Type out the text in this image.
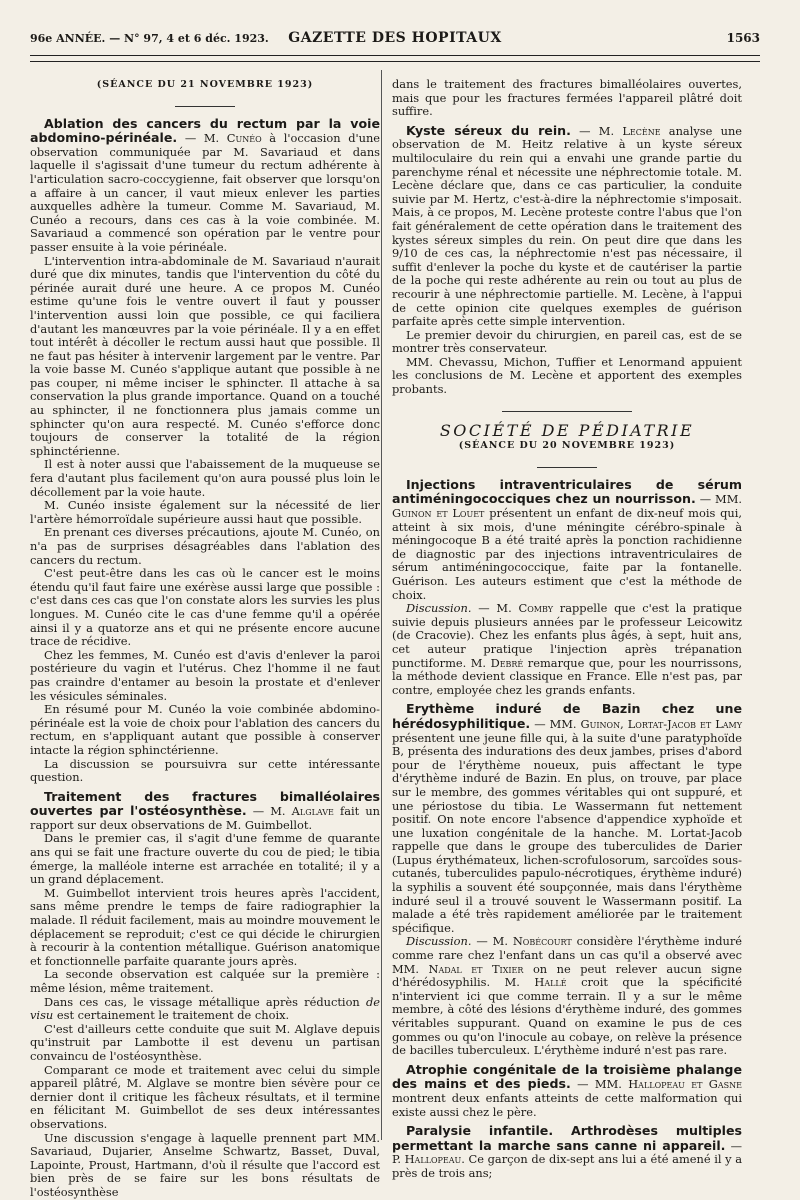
96e ANNÉE. — N° 97, 4 et 6 déc. 1923.	GAZETTE DES HOPITAUX	1563

(SÉANCE DU 21 NOVEMBRE 1923)

Ablation des cancers du rectum par la voie abdomino-périnéale. — M. Cunéo à l'occasion d'une observation communiquée par M. Savariaud et dans laquelle il s'agissait d'une tumeur du rectum adhérente à l'articulation sacro-coccygienne, fait observer que lorsqu'on a affaire à un cancer, il vaut mieux enlever les parties auxquelles adhère la tumeur. Comme M. Savariaud, M. Cunéo a recours, dans ces cas à la voie combinée. M. Savariaud a commencé son opération par le ventre pour passer ensuite à la voie périnéale.

L'intervention intra-abdominale de M. Savariaud n'aurait duré que dix minutes, tandis que l'intervention du côté du périnée aurait duré une heure. A ce propos M. Cunéo estime qu'une fois le ventre ouvert il faut y pousser l'intervention aussi loin que possible, ce qui faciliera d'autant les manœuvres par la voie périnéale. Il y a en effet tout intérêt à décoller le rectum aussi haut que possible. Il ne faut pas hésiter à intervenir largement par le ventre. Par la voie basse M. Cunéo s'applique autant que possible à ne pas couper, ni même inciser le sphincter. Il attache à sa conservation la plus grande importance. Quand on a touché au sphincter, il ne fonctionnera plus jamais comme un sphincter qu'on aura respecté. M. Cunéo s'efforce donc toujours de conserver la totalité de la région sphinctérienne.

Il est à noter aussi que l'abaissement de la muqueuse se fera d'autant plus facilement qu'on aura poussé plus loin le décollement par la voie haute.

M. Cunéo insiste également sur la nécessité de lier l'artère hémorroïdale supérieure aussi haut que possible.

En prenant ces diverses précautions, ajoute M. Cunéo, on n'a pas de surprises désagréables dans l'ablation des cancers du rectum.

C'est peut-être dans les cas où le cancer est le moins étendu qu'il faut faire une exérèse aussi large que possible : c'est dans ces cas que l'on constate alors les survies les plus longues. M. Cunéo cite le cas d'une femme qu'il a opérée ainsi il y a quatorze ans et qui ne présente encore aucune trace de récidive.

Chez les femmes, M. Cunéo est d'avis d'enlever la paroi postérieure du vagin et l'utérus. Chez l'homme il ne faut pas craindre d'entamer au besoin la prostate et d'enlever les vésicules séminales.

En résumé pour M. Cunéo la voie combinée abdomino-périnéale est la voie de choix pour l'ablation des cancers du rectum, en s'appliquant autant que possible à conserver intacte la région sphinctérienne.

La discussion se poursuivra sur cette intéressante question.

Traitement des fractures bimalléolaires ouvertes par l'ostéosynthèse. — M. Alglave fait un rapport sur deux observations de M. Guimbellot.

Dans le premier cas, il s'agit d'une femme de quarante ans qui se fait une fracture ouverte du cou de pied; le tibia émerge, la malléole interne est arrachée en totalité; il y a un grand déplacement.

M. Guimbellot intervient trois heures après l'accident, sans même prendre le temps de faire radiographier la malade. Il réduit facilement, mais au moindre mouvement le déplacement se reproduit; c'est ce qui décide le chirurgien à recourir à la contention métallique. Guérison anatomique et fonctionnelle parfaite quarante jours après.

La seconde observation est calquée sur la première : même lésion, même traitement.

Dans ces cas, le vissage métallique après réduction de visu est certainement le traitement de choix.

C'est d'ailleurs cette conduite que suit M. Alglave depuis qu'instruit par Lambotte il est devenu un partisan convaincu de l'ostéosynthèse.

Comparant ce mode et traitement avec celui du simple appareil plâtré, M. Alglave se montre bien sévère pour ce dernier dont il critique les fâcheux résultats, et il termine en félicitant M. Guimbellot de ses deux intéressantes observations.

Une discussion s'engage à laquelle prennent part MM. Savariaud, Dujarier, Anselme Schwartz, Basset, Duval, Lapointe, Proust, Hartmann, d'où il résulte que l'accord est bien près de se faire sur les bons résultats de l'ostéosynthèse

dans le traitement des fractures bimalléolaires ouvertes, mais que pour les fractures fermées l'appareil plâtré doit suffire.

Kyste séreux du rein. — M. Lecène analyse une observation de M. Heitz relative à un kyste séreux multiloculaire du rein qui a envahi une grande partie du parenchyme rénal et nécessite une néphrectomie totale. M. Lecène déclare que, dans ce cas particulier, la conduite suivie par M. Hertz, c'est-à-dire la néphrectomie s'imposait. Mais, à ce propos, M. Lecène proteste contre l'abus que l'on fait généralement de cette opération dans le traitement des kystes séreux simples du rein. On peut dire que dans les 9/10 de ces cas, la néphrectomie n'est pas nécessaire, il suffit d'enlever la poche du kyste et de cautériser la partie de la poche qui reste adhérente au rein ou tout au plus de recourir à une néphrectomie partielle. M. Lecène, à l'appui de cette opinion cite quelques exemples de guérison parfaite après cette simple intervention.

Le premier devoir du chirurgien, en pareil cas, est de se montrer très conservateur.

MM. Chevassu, Michon, Tuffier et Lenormand appuient les conclusions de M. Lecène et apportent des exemples probants.

SOCIÉTÉ DE PÉDIATRIE

(SÉANCE DU 20 NOVEMBRE 1923)

Injections intraventriculaires de sérum antiméningococciques chez un nourrisson. — MM. Guinon et Louet présentent un enfant de dix-neuf mois qui, atteint à six mois, d'une méningite cérébro-spinale à méningocoque B a été traité après la ponction rachidienne de diagnostic par des injections intraventriculaires de sérum antiméningococcique, faite par la fontanelle. Guérison. Les auteurs estiment que c'est la méthode de choix.

Discussion. — M. Comby rappelle que c'est la pratique suivie depuis plusieurs années par le professeur Leicowitz (de Cracovie). Chez les enfants plus âgés, à sept, huit ans, cet auteur pratique l'injection après trépanation punctiforme. M. Debré remarque que, pour les nourrissons, la méthode devient classique en France. Elle n'est pas, par contre, employée chez les grands enfants.

Erythème induré de Bazin chez une hérédosyphilitique. — MM. Guinon, Lortat-Jacob et Lamy présentent une jeune fille qui, à la suite d'une paratyphoïde B, présenta des indurations des deux jambes, prises d'abord pour de l'érythème noueux, puis affectant le type d'érythème induré de Bazin. En plus, on trouve, par place sur le membre, des gommes véritables qui ont suppuré, et une périostose du tibia. Le Wassermann fut nettement positif. On note encore l'absence d'appendice xyphoïde et une luxation congénitale de la hanche. M. Lortat-Jacob rappelle que dans le groupe des tuberculides de Darier (Lupus érythémateux, lichen-scrofulosorum, sarcoïdes sous-cutanés, tuberculides papulo-nécrotiques, érythème induré) la syphilis a souvent été soupçonnée, mais dans l'érythème induré seul il a trouvé souvent le Wassermann positif. La malade a été très rapidement améliorée par le traitement spécifique.

Discussion. — M. Nobécourt considère l'érythème induré comme rare chez l'enfant dans un cas qu'il a observé avec MM. Nadal et Tixier on ne peut relever aucun signe d'hérédosyphilis. M. Hallé croit que la spécificité n'intervient ici que comme terrain. Il y a sur le même membre, à côté des lésions d'érythème induré, des gommes véritables suppurant. Quand on examine le pus de ces gommes ou qu'on l'inocule au cobaye, on relève la présence de bacilles tuberculeux. L'érythème induré n'est pas rare.

Atrophie congénitale de la troisième phalange des mains et des pieds. — MM. Hallopeau et Gasne montrent deux enfants atteints de cette malformation qui existe aussi chez le père.

Paralysie infantile. Arthrodèses multiples permettant la marche sans canne ni appareil. — P. Hallopeau. Ce garçon de dix-sept ans lui a été amené il y a près de trois ans;
